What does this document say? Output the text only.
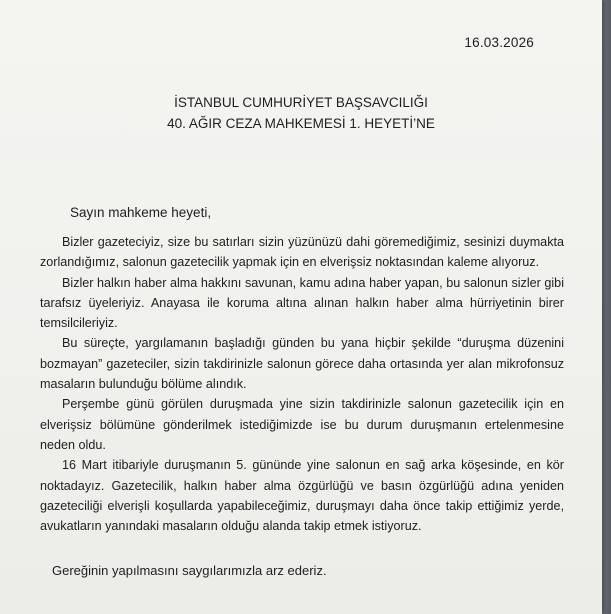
16.03.2026
İSTANBUL CUMHURİYET BAŞSAVCILIĞI
40. AĞIR CEZA MAHKEMESİ 1. HEYETİ’NE
Sayın mahkeme heyeti,

Bizler gazeteciyiz, size bu satırları sizin yüzünüzü dahi göremediğimiz, sesinizi duymakta zorlandığımız, salonun gazetecilik yapmak için en elverişsiz noktasından kaleme alıyoruz.

Bizler halkın haber alma hakkını savunan, kamu adına haber yapan, bu salonun sizler gibi tarafsız üyeleriyiz. Anayasa ile koruma altına alınan halkın haber alma hürriyetinin birer temsilcileriyiz.

Bu süreçte, yargılamanın başladığı günden bu yana hiçbir şekilde “duruşma düzenini bozmayan” gazeteciler, sizin takdirinizle salonun görece daha ortasında yer alan mikrofonsuz masaların bulunduğu bölüme alındık.

Perşembe günü görülen duruşmada yine sizin takdirinizle salonun gazetecilik için en elverişsiz bölümüne gönderilmek istediğimizde ise bu durum duruşmanın ertelenmesine neden oldu.

16 Mart itibariyle duruşmanın 5. gününde yine salonun en sağ arka köşesinde, en kör noktadayız. Gazetecilik, halkın haber alma özgürlüğü ve basın özgürlüğü adına yeniden gazeteciliği elverişli koşullarda yapabileceğimiz, duruşmayı daha önce takip ettiğimiz yerde, avukatların yanındaki masaların olduğu alanda takip etmek istiyoruz.

Gereğinin yapılmasını saygılarımızla arz ederiz.
